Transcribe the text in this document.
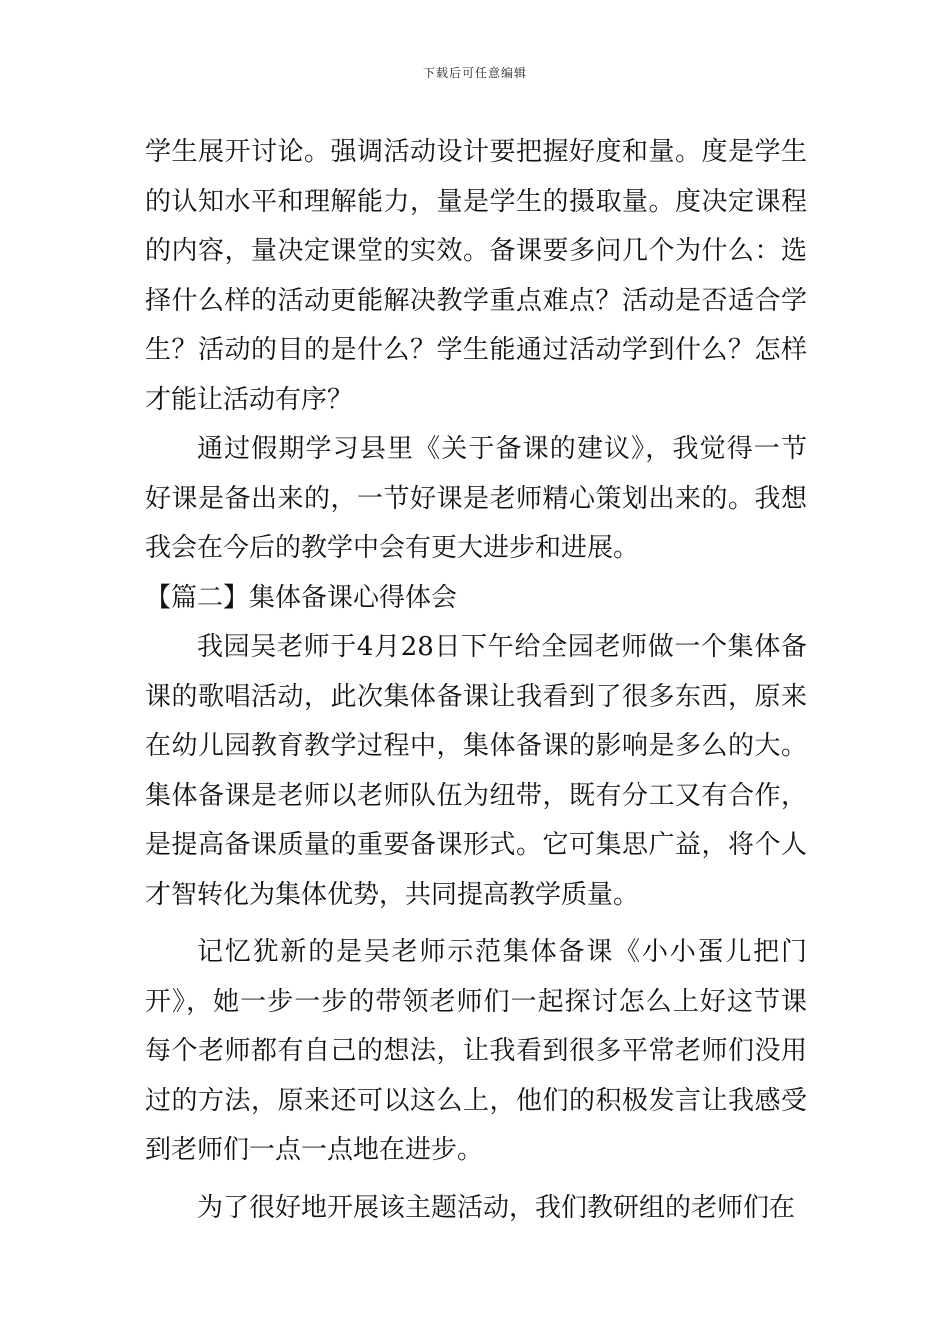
下载后可任意编辑
学生展开讨论。强调活动设计要把握好度和量。度是学生
的认知水平和理解能力，量是学生的摄取量。度决定课程
的内容，量决定课堂的实效。备课要多问几个为什么：选
择什么样的活动更能解决教学重点难点？活动是否适合学
生？活动的目的是什么？学生能通过活动学到什么？怎样
才能让活动有序？
通过假期学习县里《关于备课的建议》，我觉得一节
好课是备出来的，一节好课是老师精心策划出来的。我想
我会在今后的教学中会有更大进步和进展。
【篇二】集体备课心得体会
我园吴老师于4月28日下午给全园老师做一个集体备
课的歌唱活动，此次集体备课让我看到了很多东西，原来
在幼儿园教育教学过程中，集体备课的影响是多么的大。
集体备课是老师以老师队伍为纽带，既有分工又有合作，
是提高备课质量的重要备课形式。它可集思广益，将个人
才智转化为集体优势，共同提高教学质量。
记忆犹新的是吴老师示范集体备课《小小蛋儿把门
开》，她一步一步的带领老师们一起探讨怎么上好这节课
每个老师都有自己的想法，让我看到很多平常老师们没用
过的方法，原来还可以这么上，他们的积极发言让我感受
到老师们一点一点地在进步。
为了很好地开展该主题活动，我们教研组的老师们在
